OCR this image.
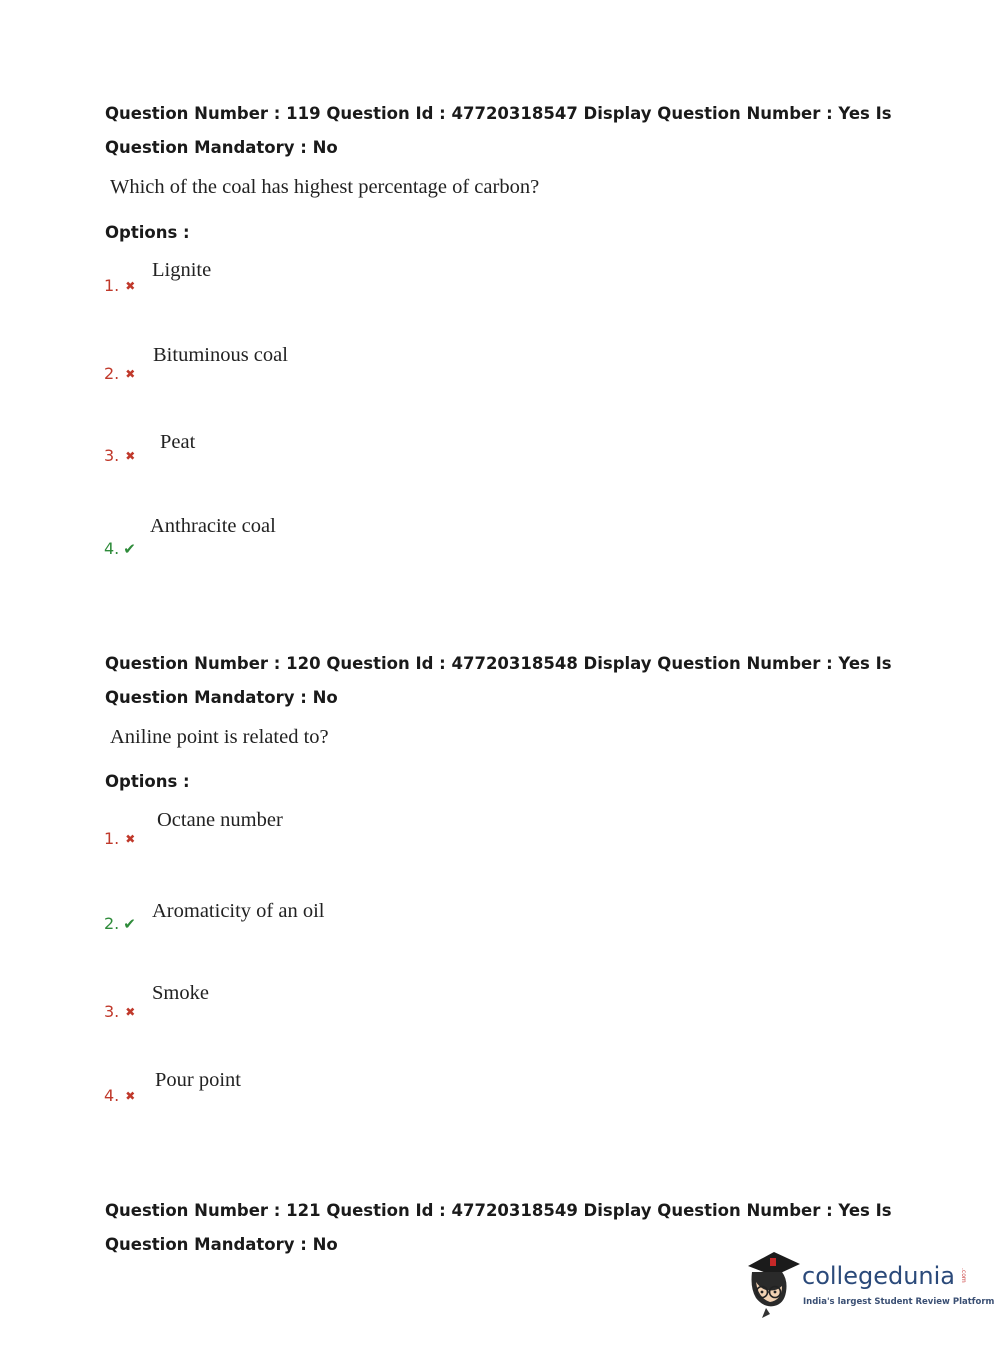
Question Number : 119 Question Id : 47720318547 Display Question Number : Yes Is Question Mandatory : No
Which of the coal has highest percentage of carbon?
Options :
1. ✖
Lignite
2. ✖
Bituminous coal
3. ✖
Peat
4. ✔
Anthracite coal
Question Number : 120 Question Id : 47720318548 Display Question Number : Yes Is Question Mandatory : No
Aniline point is related to?
Options :
1. ✖
Octane number
2. ✔
Aromaticity of an oil
3. ✖
Smoke
4. ✖
Pour point
Question Number : 121 Question Id : 47720318549 Display Question Number : Yes Is Question Mandatory : No
collegedunia .com
India's largest Student Review Platform
